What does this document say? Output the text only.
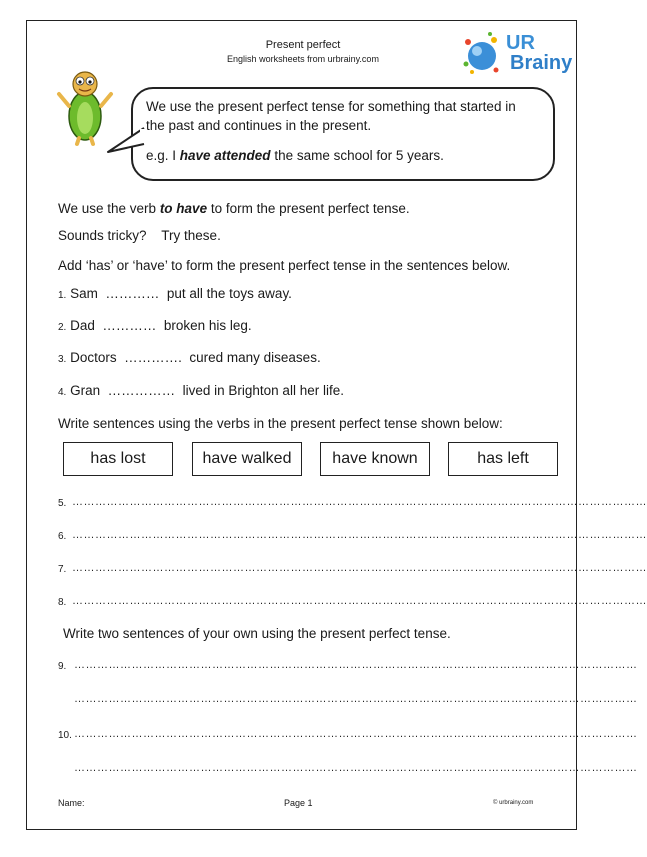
Present perfect
English worksheets from urbrainy.com
UR
Brainy
We use the present perfect tense for something that started in
the past and continues in the present.
e.g. I have attended the same school for 5 years.
We use the verb to have to form the present perfect tense.
Sounds tricky?    Try these.
Add ‘has’ or ‘have’ to form the present perfect tense in the sentences below.
1. Sam  …………  put all the toys away.
2. Dad  …………  broken his leg.
3. Doctors  ………….  cured many diseases.
4. Gran  ……………  lived in Brighton all her life.
Write sentences using the verbs in the present perfect tense shown below:
has lost	have walked	have known	has left
5. ……………………………………………………………………………………………………………………………………
6. ……………………………………………………………………………………………………………………………………
7. ……………………………………………………………………………………………………………………………………
8. ……………………………………………………………………………………………………………………………………
Write two sentences of your own using the present perfect tense.
9. …………………………………………………………………………………………………………………………………
…………………………………………………………………………………………………………………………………
10. …………………………………………………………………………………………………………………………………
…………………………………………………………………………………………………………………………………
Name:	Page 1	© urbrainy.com
